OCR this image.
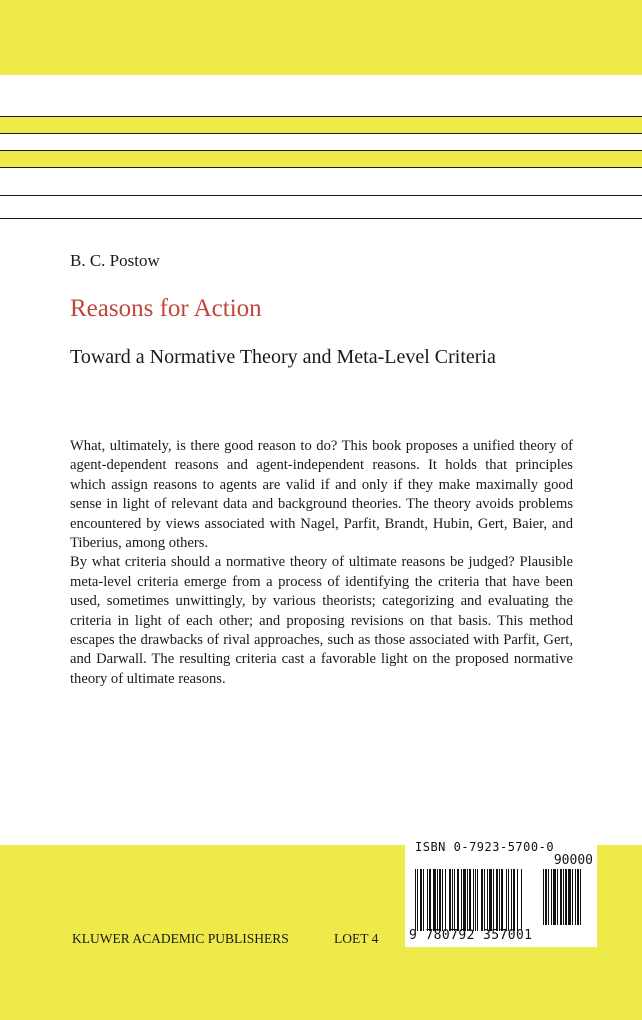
B. C. Postow
Reasons for Action
Toward a Normative Theory and Meta-Level Criteria

What, ultimately, is there good reason to do? This book proposes a unified theory of agent-dependent reasons and agent-independent reasons. It holds that principles which assign reasons to agents are valid if and only if they make maximally good sense in light of relevant data and background theories. The theory avoids problems encountered by views associated with Nagel, Parfit, Brandt, Hubin, Gert, Baier, and Tiberius, among others.

By what criteria should a normative theory of ultimate reasons be judged? Plausible meta-level criteria emerge from a process of identifying the criteria that have been used, sometimes unwittingly, by various theorists; categorizing and evaluating the criteria in light of each other; and proposing revisions on that basis. This method escapes the drawbacks of rival approaches, such as those associated with Parfit, Gert, and Darwall. The resulting criteria cast a favorable light on the proposed normative theory of ultimate reasons.

KLUWER ACADEMIC PUBLISHERS	LOET 4
ISBN 0-7923-5700-0
90000
9 780792 357001
